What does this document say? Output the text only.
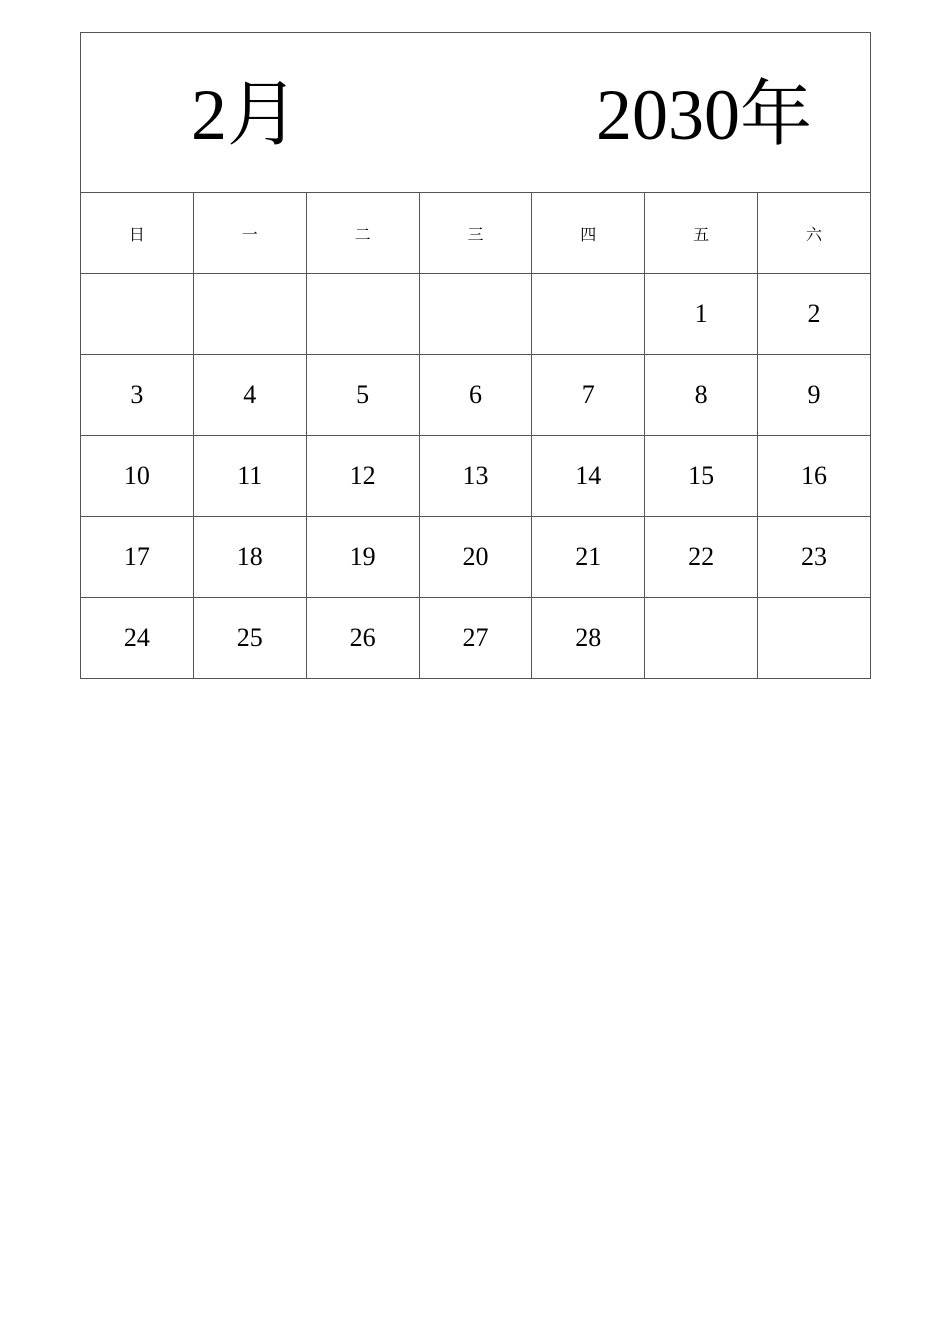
2月 2030年						

日	一	二	三	四	五	六
					1	2
3	4	5	6	7	8	9
10	11	12	13	14	15	16
17	18	19	20	21	22	23
24	25	26	27	28		
